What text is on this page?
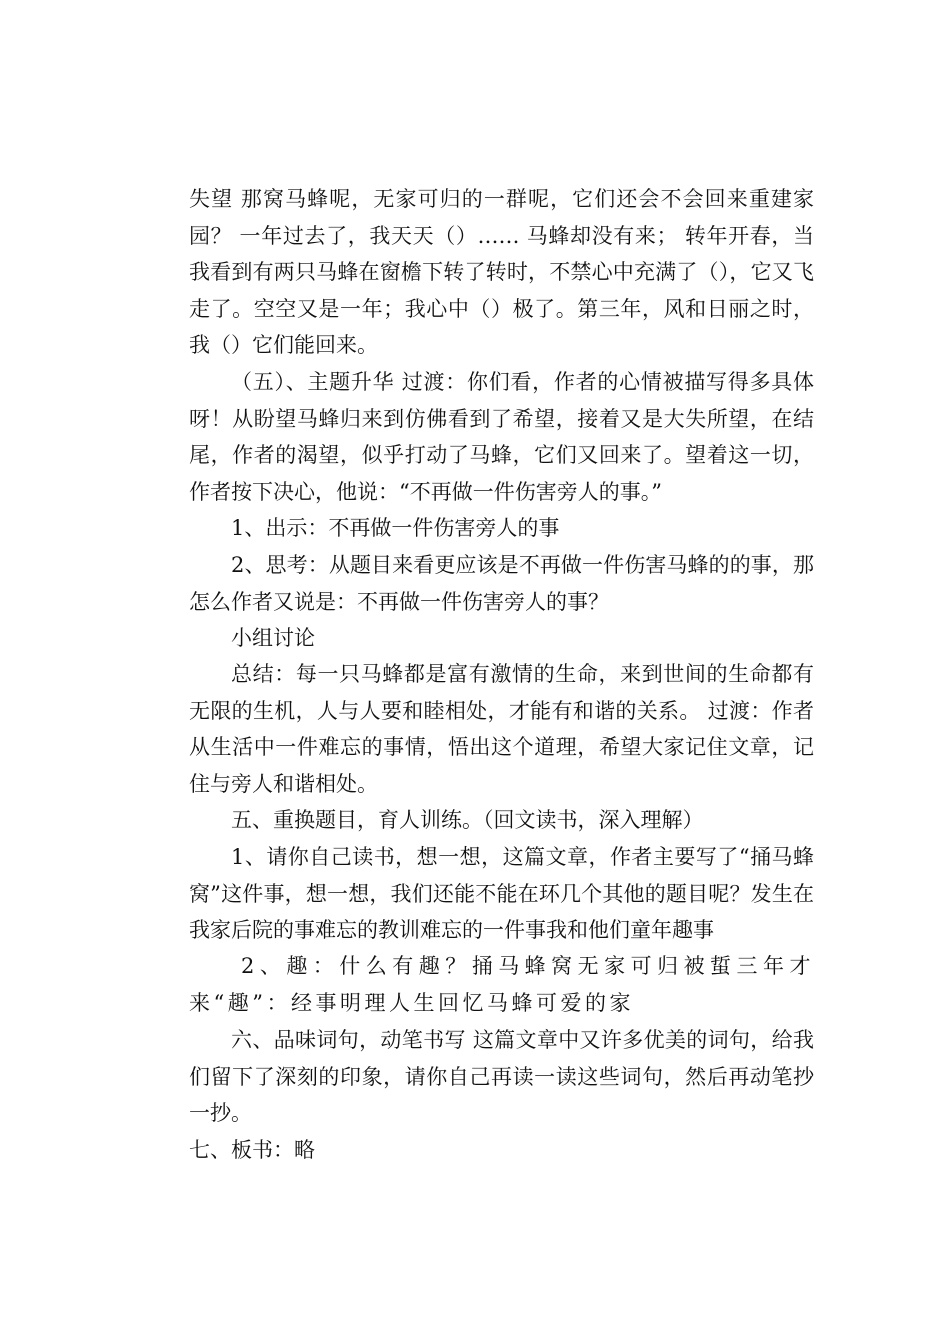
失望 那窝马蜂呢，无家可归的一群呢，它们还会不会回来重建家园？ 一年过去了，我天天（）…… 马蜂却没有来； 转年开春，当我看到有两只马蜂在窗檐下转了转时，不禁心中充满了（），它又飞走了。空空又是一年；我心中（）极了。第三年，风和日丽之时，我（）它们能回来。

（五）、主题升华 过渡：你们看，作者的心情被描写得多具体呀！从盼望马蜂归来到仿佛看到了希望，接着又是大失所望，在结尾，作者的渴望，似乎打动了马蜂，它们又回来了。望着这一切，作者按下决心，他说：“不再做一件伤害旁人的事。”

1、出示：不再做一件伤害旁人的事

2、思考：从题目来看更应该是不再做一件伤害马蜂的的事，那怎么作者又说是：不再做一件伤害旁人的事？

小组讨论

总结：每一只马蜂都是富有激情的生命，来到世间的生命都有无限的生机，人与人要和睦相处，才能有和谐的关系。 过渡：作者从生活中一件难忘的事情，悟出这个道理，希望大家记住文章，记住与旁人和谐相处。

五、重换题目，育人训练。（回文读书，深入理解）

1、请你自己读书，想一想，这篇文章，作者主要写了“捅马蜂窝”这件事，想一想，我们还能不能在环几个其他的题目呢？发生在我家后院的事难忘的教训难忘的一件事我和他们童年趣事

2、趣：什么有趣？捅马蜂窝无家可归被蜇三年才来“趣”：经事明理人生回忆马蜂可爱的家

六、品味词句，动笔书写 这篇文章中又许多优美的词句，给我们留下了深刻的印象，请你自己再读一读这些词句，然后再动笔抄一抄。

七、板书：略
